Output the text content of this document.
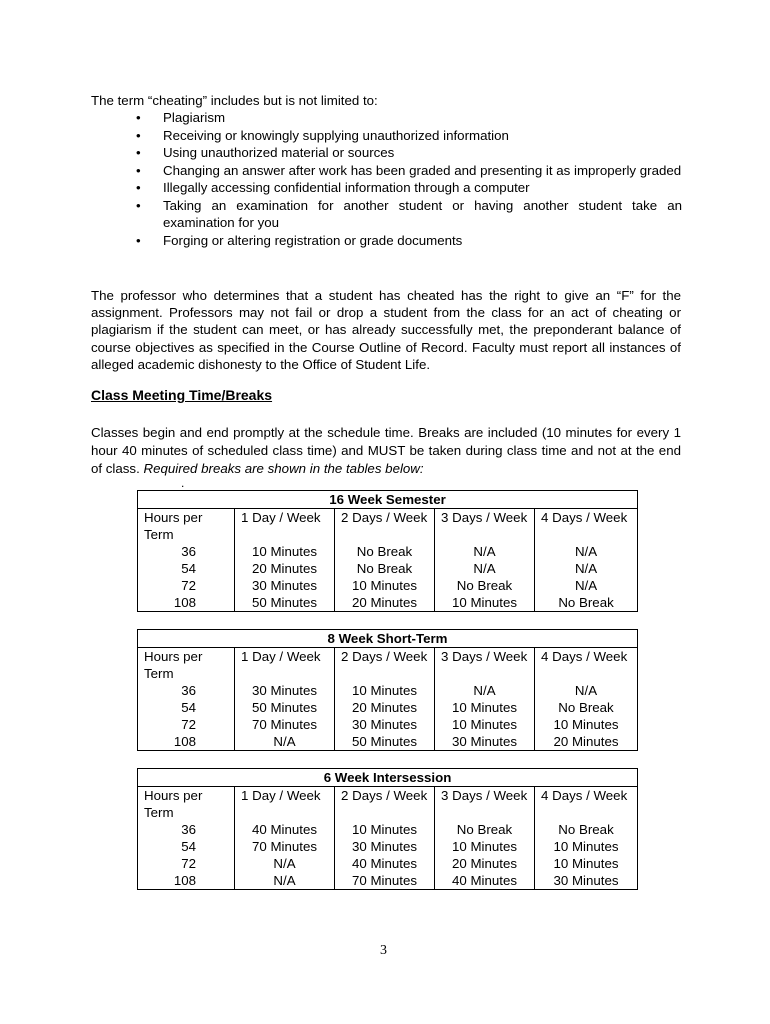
The term “cheating” includes but is not limited to:
• Plagiarism
• Receiving or knowingly supplying unauthorized information
• Using unauthorized material or sources
• Changing an answer after work has been graded and presenting it as improperly graded
• Illegally accessing confidential information through a computer
• Taking an examination for another student or having another student take an examination for you
• Forging or altering registration or grade documents
The professor who determines that a student has cheated has the right to give an “F” for the assignment. Professors may not fail or drop a student from the class for an act of cheating or plagiarism if the student can meet, or has already successfully met, the preponderant balance of course objectives as specified in the Course Outline of Record. Faculty must report all instances of alleged academic dishonesty to the Office of Student Life.
Class Meeting Time/Breaks
Classes begin and end promptly at the schedule time. Breaks are included (10 minutes for every 1 hour 40 minutes of scheduled class time) and MUST be taken during class time and not at the end of class. Required breaks are shown in the tables below:
.
16 Week Semester				
Hours per Term	1 Day / Week	2 Days / Week	3 Days / Week	4 Days / Week
36	10 Minutes	No Break	N/A	N/A
54	20 Minutes	No Break	N/A	N/A
72	30 Minutes	10 Minutes	No Break	N/A
108	50 Minutes	20 Minutes	10 Minutes	No Break
8 Week Short-Term				
Hours per Term	1 Day / Week	2 Days / Week	3 Days / Week	4 Days / Week
36	30 Minutes	10 Minutes	N/A	N/A
54	50 Minutes	20 Minutes	10 Minutes	No Break
72	70 Minutes	30 Minutes	10 Minutes	10 Minutes
108	N/A	50 Minutes	30 Minutes	20 Minutes
6 Week Intersession				
Hours per Term	1 Day / Week	2 Days / Week	3 Days / Week	4 Days / Week
36	40 Minutes	10 Minutes	No Break	No Break
54	70 Minutes	30 Minutes	10 Minutes	10 Minutes
72	N/A	40 Minutes	20 Minutes	10 Minutes
108	N/A	70 Minutes	40 Minutes	30 Minutes
3
